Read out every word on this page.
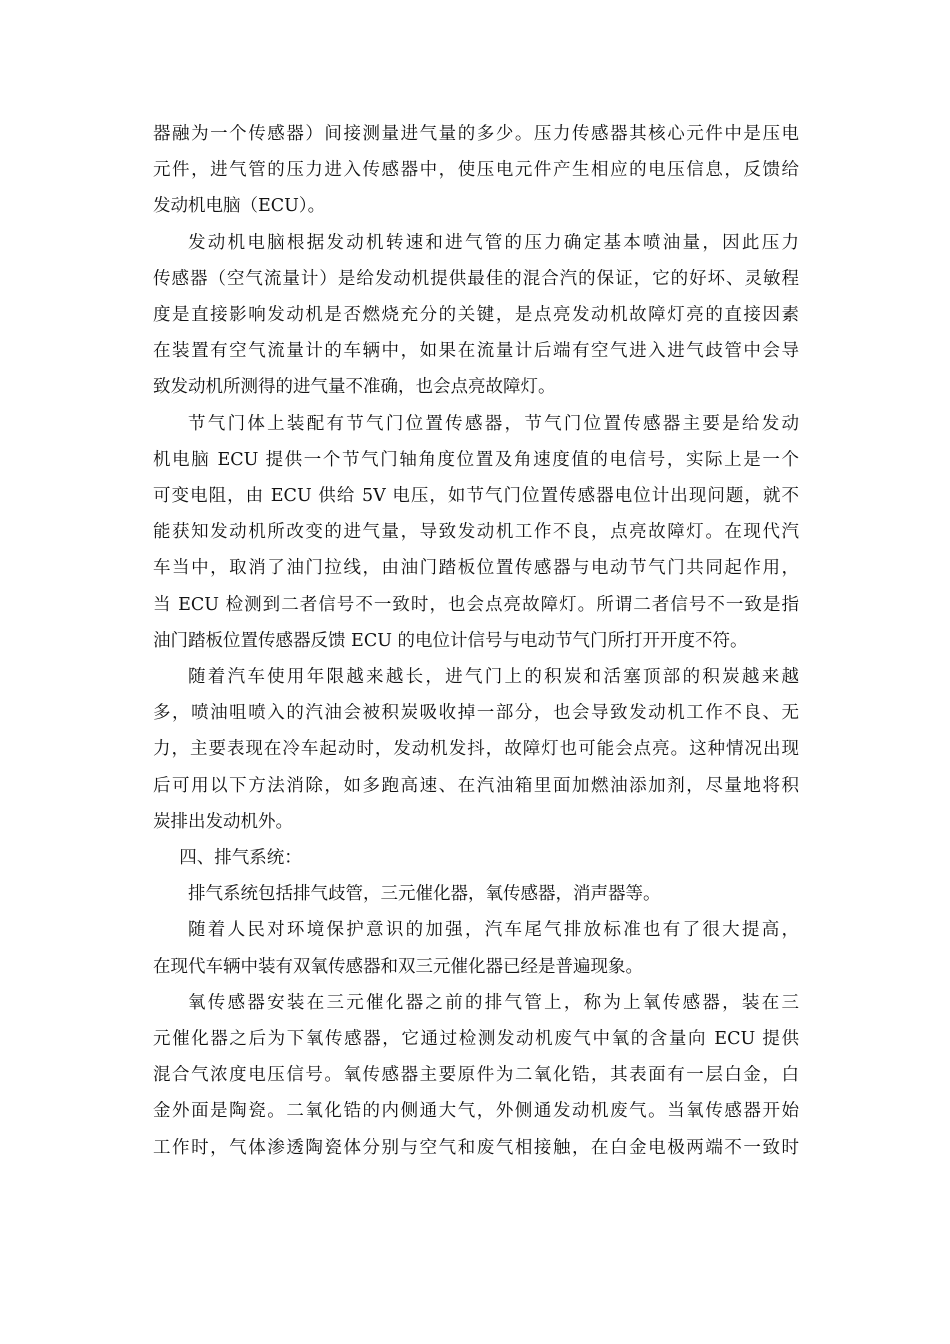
器融为一个传感器）间接测量进气量的多少。压力传感器其核心元件中是压电
元件，进气管的压力进入传感器中，使压电元件产生相应的电压信息，反馈给
发动机电脑（ECU）。

发动机电脑根据发动机转速和进气管的压力确定基本喷油量，因此压力
传感器（空气流量计）是给发动机提供最佳的混合汽的保证，它的好坏、灵敏程
度是直接影响发动机是否燃烧充分的关键，是点亮发动机故障灯亮的直接因素
在装置有空气流量计的车辆中，如果在流量计后端有空气进入进气歧管中会导
致发动机所测得的进气量不准确，也会点亮故障灯。

节气门体上装配有节气门位置传感器，节气门位置传感器主要是给发动
机电脑 ECU 提供一个节气门轴角度位置及角速度值的电信号，实际上是一个
可变电阻，由 ECU 供给 5V 电压，如节气门位置传感器电位计出现问题，就不
能获知发动机所改变的进气量，导致发动机工作不良，点亮故障灯。在现代汽
车当中，取消了油门拉线，由油门踏板位置传感器与电动节气门共同起作用，
当 ECU 检测到二者信号不一致时，也会点亮故障灯。所谓二者信号不一致是指
油门踏板位置传感器反馈 ECU 的电位计信号与电动节气门所打开开度不符。

随着汽车使用年限越来越长，进气门上的积炭和活塞顶部的积炭越来越
多，喷油咀喷入的汽油会被积炭吸收掉一部分，也会导致发动机工作不良、无
力，主要表现在冷车起动时，发动机发抖，故障灯也可能会点亮。这种情况出现
后可用以下方法消除，如多跑高速、在汽油箱里面加燃油添加剂，尽量地将积
炭排出发动机外。

四、排气系统：

排气系统包括排气歧管，三元催化器，氧传感器，消声器等。

随着人民对环境保护意识的加强，汽车尾气排放标准也有了很大提高，
在现代车辆中装有双氧传感器和双三元催化器已经是普遍现象。

氧传感器安装在三元催化器之前的排气管上，称为上氧传感器，装在三
元催化器之后为下氧传感器，它通过检测发动机废气中氧的含量向 ECU 提供
混合气浓度电压信号。氧传感器主要原件为二氧化锆，其表面有一层白金，白
金外面是陶瓷。二氧化锆的内侧通大气，外侧通发动机废气。当氧传感器开始
工作时，气体渗透陶瓷体分别与空气和废气相接触，在白金电极两端不一致时
